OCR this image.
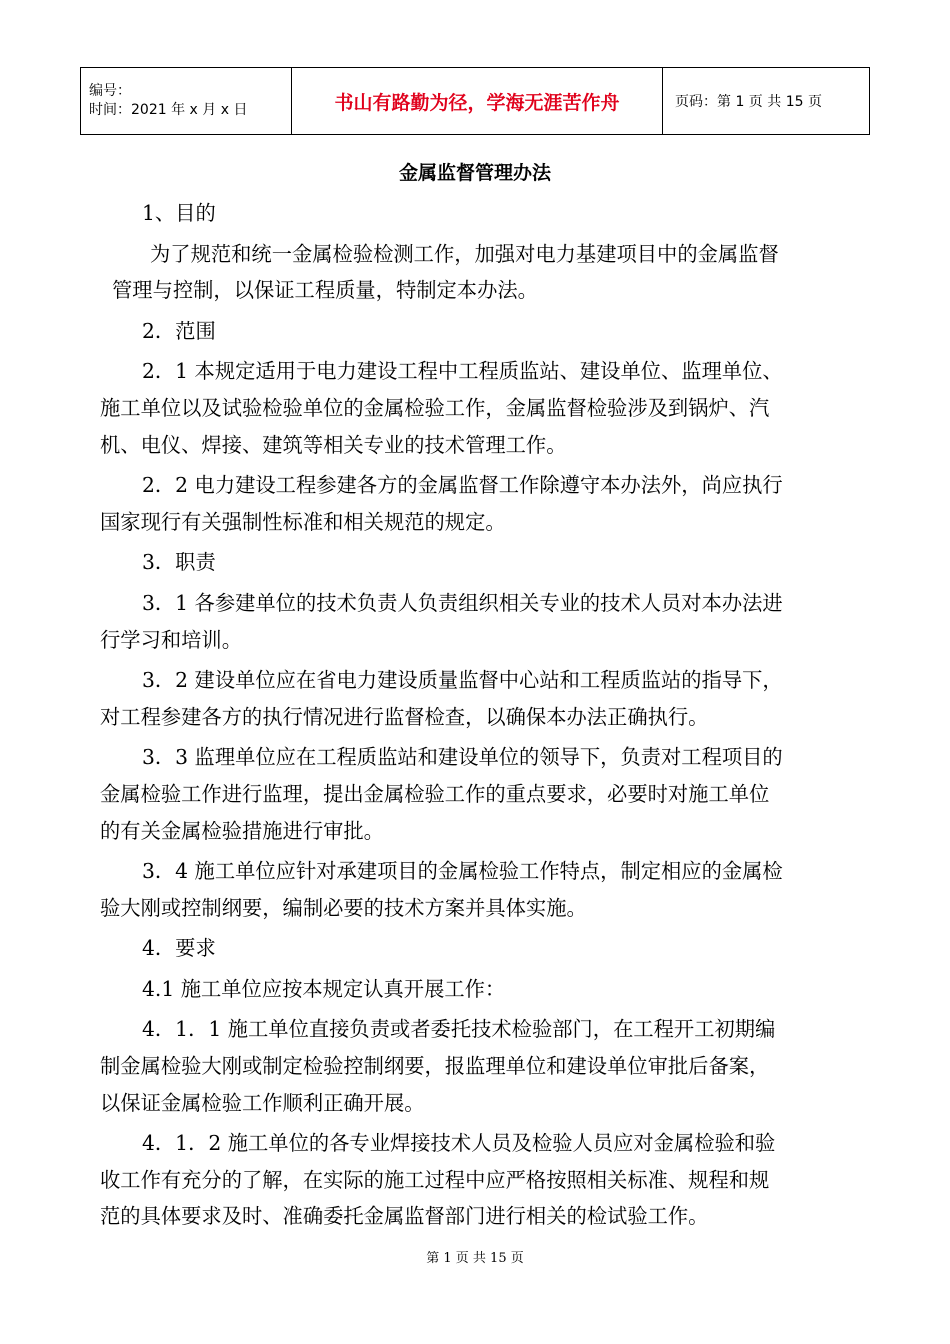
编号：
时间：2021 年 x 月 x 日	书山有路勤为径，学海无涯苦作舟	页码：第 1 页 共 15 页
金属监督管理办法

1、目的

为了规范和统一金属检验检测工作，加强对电力基建项目中的金属监督
管理与控制，以保证工程质量，特制定本办法。

2．范围

2．1 本规定适用于电力建设工程中工程质监站、建设单位、监理单位、
施工单位以及试验检验单位的金属检验工作，金属监督检验涉及到锅炉、汽
机、电仪、焊接、建筑等相关专业的技术管理工作。

2．2 电力建设工程参建各方的金属监督工作除遵守本办法外，尚应执行
国家现行有关强制性标准和相关规范的规定。

3．职责

3．1 各参建单位的技术负责人负责组织相关专业的技术人员对本办法进
行学习和培训。

3．2 建设单位应在省电力建设质量监督中心站和工程质监站的指导下，
对工程参建各方的执行情况进行监督检查，以确保本办法正确执行。

3．3 监理单位应在工程质监站和建设单位的领导下，负责对工程项目的
金属检验工作进行监理，提出金属检验工作的重点要求，必要时对施工单位
的有关金属检验措施进行审批。

3．4 施工单位应针对承建项目的金属检验工作特点，制定相应的金属检
验大刚或控制纲要，编制必要的技术方案并具体实施。

4．要求

4.1 施工单位应按本规定认真开展工作：

4．1．1 施工单位直接负责或者委托技术检验部门，在工程开工初期编
制金属检验大刚或制定检验控制纲要，报监理单位和建设单位审批后备案，
以保证金属检验工作顺利正确开展。

4．1．2 施工单位的各专业焊接技术人员及检验人员应对金属检验和验
收工作有充分的了解，在实际的施工过程中应严格按照相关标准、规程和规
范的具体要求及时、准确委托金属监督部门进行相关的检试验工作。

第 1 页 共 15 页
